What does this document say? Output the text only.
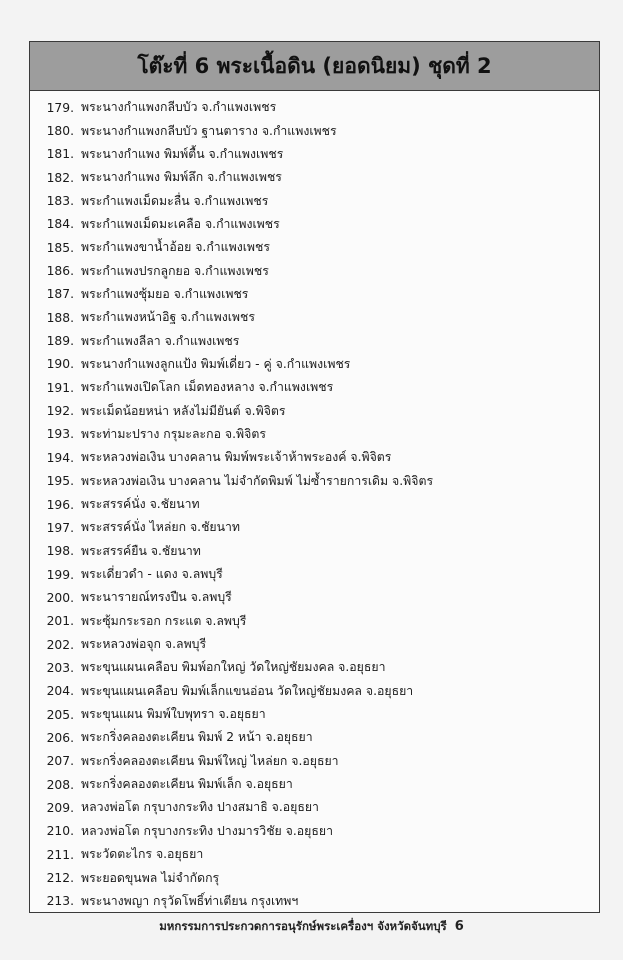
โต๊ะที่ 6 พระเนื้อดิน (ยอดนิยม) ชุดที่ 2
179. พระนางกำแพงกลีบบัว จ.กำแพงเพชร
180. พระนางกำแพงกลีบบัว ฐานตาราง จ.กำแพงเพชร
181. พระนางกำแพง พิมพ์ตื้น จ.กำแพงเพชร
182. พระนางกำแพง พิมพ์ลึก จ.กำแพงเพชร
183. พระกำแพงเม็ดมะลื่น จ.กำแพงเพชร
184. พระกำแพงเม็ดมะเคลือ จ.กำแพงเพชร
185. พระกำแพงขาน้ำอ้อย จ.กำแพงเพชร
186. พระกำแพงปรกลูกยอ จ.กำแพงเพชร
187. พระกำแพงซุ้มยอ จ.กำแพงเพชร
188. พระกำแพงหน้าอิฐ จ.กำแพงเพชร
189. พระกำแพงลีลา จ.กำแพงเพชร
190. พระนางกำแพงลูกแป้ง พิมพ์เดี่ยว - คู่ จ.กำแพงเพชร
191. พระกำแพงเปิดโลก เม็ดทองหลาง จ.กำแพงเพชร
192. พระเม็ดน้อยหน่า หลังไม่มียันต์ จ.พิจิตร
193. พระท่ามะปราง กรุมะละกอ จ.พิจิตร
194. พระหลวงพ่อเงิน บางคลาน พิมพ์พระเจ้าห้าพระองค์ จ.พิจิตร
195. พระหลวงพ่อเงิน บางคลาน ไม่จำกัดพิมพ์ ไม่ซ้ำรายการเดิม จ.พิจิตร
196. พระสรรค์นั่ง จ.ชัยนาท
197. พระสรรค์นั่ง ไหล่ยก จ.ชัยนาท
198. พระสรรค์ยืน จ.ชัยนาท
199. พระเดี่ยวดำ - แดง จ.ลพบุรี
200. พระนารายณ์ทรงปืน จ.ลพบุรี
201. พระซุ้มกระรอก กระแต จ.ลพบุรี
202. พระหลวงพ่อจุก จ.ลพบุรี
203. พระขุนแผนเคลือบ พิมพ์อกใหญ่ วัดใหญ่ชัยมงคล จ.อยุธยา
204. พระขุนแผนเคลือบ พิมพ์เล็กแขนอ่อน วัดใหญ่ชัยมงคล จ.อยุธยา
205. พระขุนแผน พิมพ์ใบพุทรา จ.อยุธยา
206. พระกริ่งคลองตะเคียน พิมพ์ 2 หน้า จ.อยุธยา
207. พระกริ่งคลองตะเคียน พิมพ์ใหญ่ ไหล่ยก จ.อยุธยา
208. พระกริ่งคลองตะเคียน พิมพ์เล็ก จ.อยุธยา
209. หลวงพ่อโต กรุบางกระทิง ปางสมาธิ จ.อยุธยา
210. หลวงพ่อโต กรุบางกระทิง ปางมารวิชัย จ.อยุธยา
211. พระวัดตะไกร จ.อยุธยา
212. พระยอดขุนพล ไม่จำกัดกรุ
213. พระนางพญา กรุวัดโพธิ์ท่าเตียน กรุงเทพฯ
มหกรรมการประกวดการอนุรักษ์พระเครื่องฯ จังหวัดจันทบุรี 6
